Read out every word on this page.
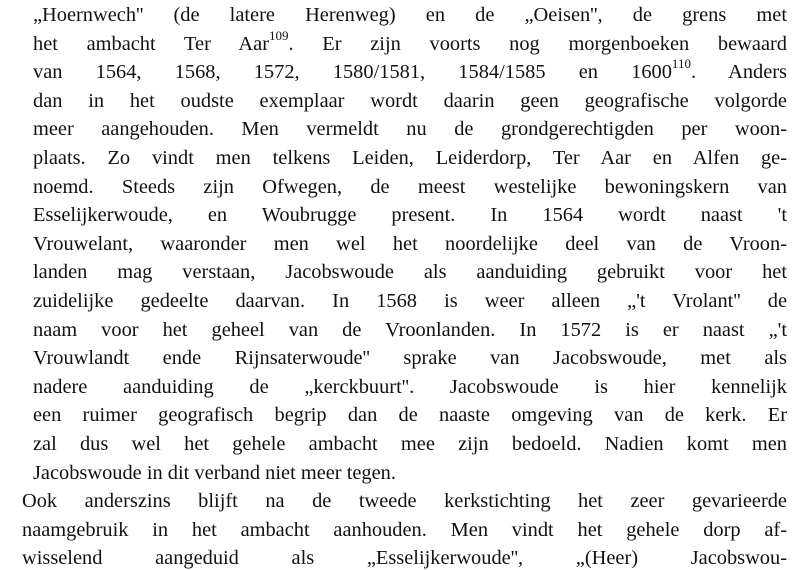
„Hoernwech'' (de latere Herenweg) en de „Oeisen'', de grens met
het ambacht Ter Aar$^{109}$. Er zijn voorts nog morgenboeken bewaard
van 1564, 1568, 1572, 1580/1581, 1584/1585 en 1600$^{110}$. Anders
dan in het oudste exemplaar wordt daarin geen geografische volgorde
meer aangehouden. Men vermeldt nu de grondgerechtigden per woon-
plaats. Zo vindt men telkens Leiden, Leiderdorp, Ter Aar en Alfen ge-
noemd. Steeds zijn Ofwegen, de meest westelijke bewoningskern van
Esselijkerwoude, en Woubrugge present. In 1564 wordt naast 't
Vrouwelant, waaronder men wel het noordelijke deel van de Vroon-
landen mag verstaan, Jacobswoude als aanduiding gebruikt voor het
zuidelijke gedeelte daarvan. In 1568 is weer alleen „'t Vrolant'' de
naam voor het geheel van de Vroonlanden. In 1572 is er naast „'t
Vrouwlandt ende Rijnsaterwoude'' sprake van Jacobswoude, met als
nadere aanduiding de „kerckbuurt''. Jacobswoude is hier kennelijk
een ruimer geografisch begrip dan de naaste omgeving van de kerk. Er
zal dus wel het gehele ambacht mee zijn bedoeld. Nadien komt men
Jacobswoude in dit verband niet meer tegen.
Ook anderszins blijft na de tweede kerkstichting het zeer gevarieerde
naamgebruik in het ambacht aanhouden. Men vindt het gehele dorp af-
wisselend aangeduid als „Esselijkerwoude'', „(Heer) Jacobswou-
